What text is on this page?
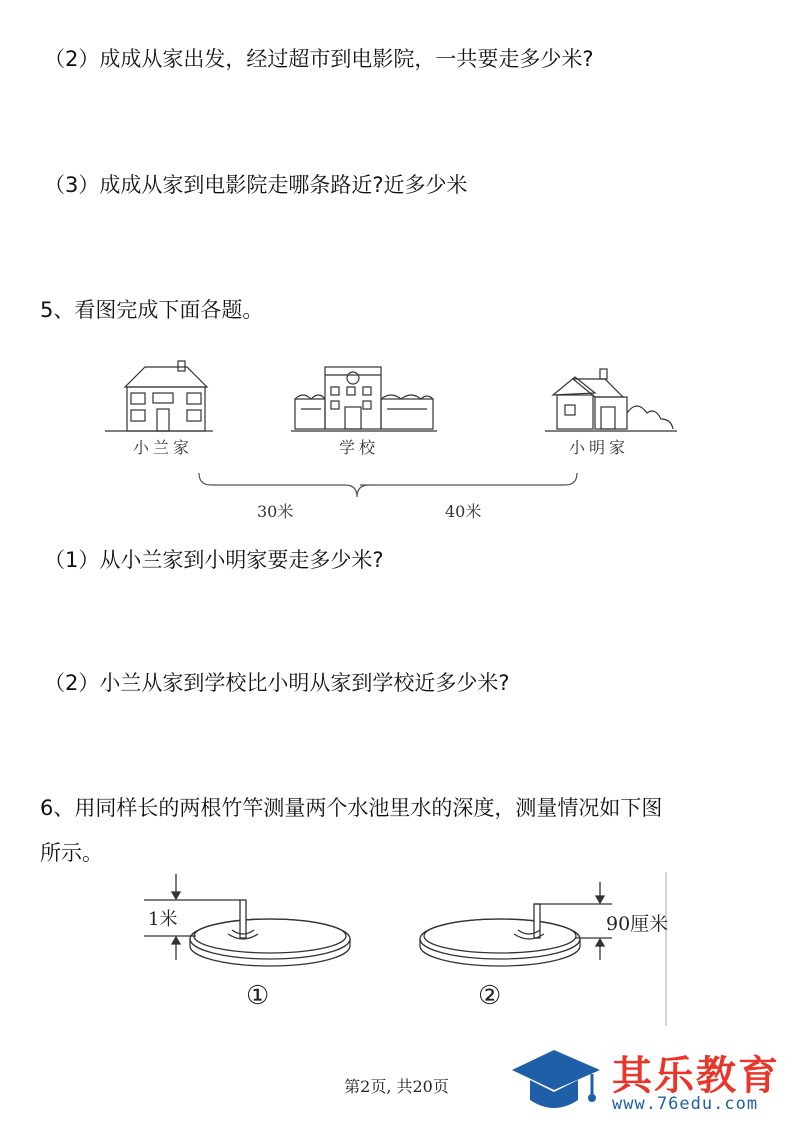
（2）成成从家出发，经过超市到电影院，一共要走多少米?

（3）成成从家到电影院走哪条路近?近多少米

5、看图完成下面各题。

小兰家	学校	小明家
30米	40米

（1）从小兰家到小明家要走多少米?

（2）小兰从家到学校比小明从家到学校近多少米?

6、用同样长的两根竹竿测量两个水池里水的深度，测量情况如下图

所示。

1米	90厘米
①	②
第2页, 共20页	其乐教育
www.76edu.com
